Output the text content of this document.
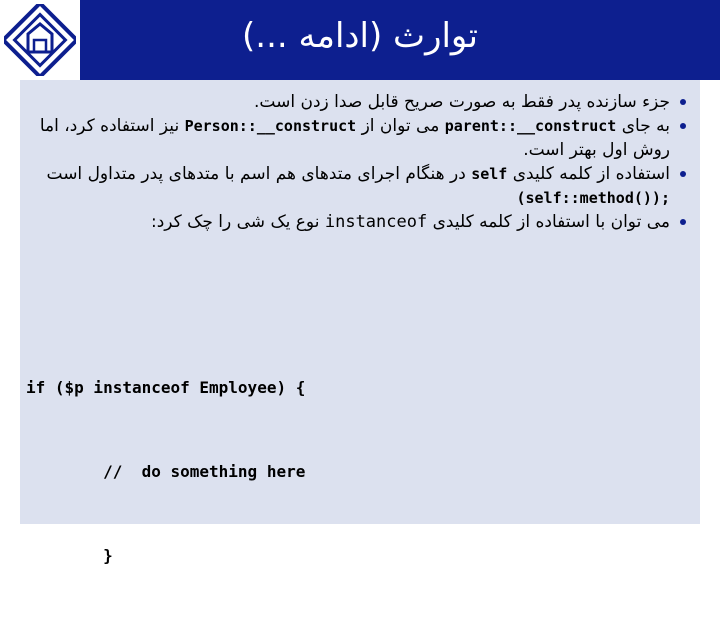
توارث (ادامه ...)

جزء سازنده پدر فقط به صورت صریح قابل صدا زدن است.

به جای parent::__construct می توان از Person::__construct نیز استفاده کرد، اما روش اول بهتر است.

استفاده از کلمه کلیدی self در هنگام اجرای متدهای هم اسم با متدهای پدر متداول است (self::method());

می توان با استفاده از کلمه کلیدی instanceof نوع یک شی را چک کرد:

if ($p instanceof Employee) {

//  do something here

}
